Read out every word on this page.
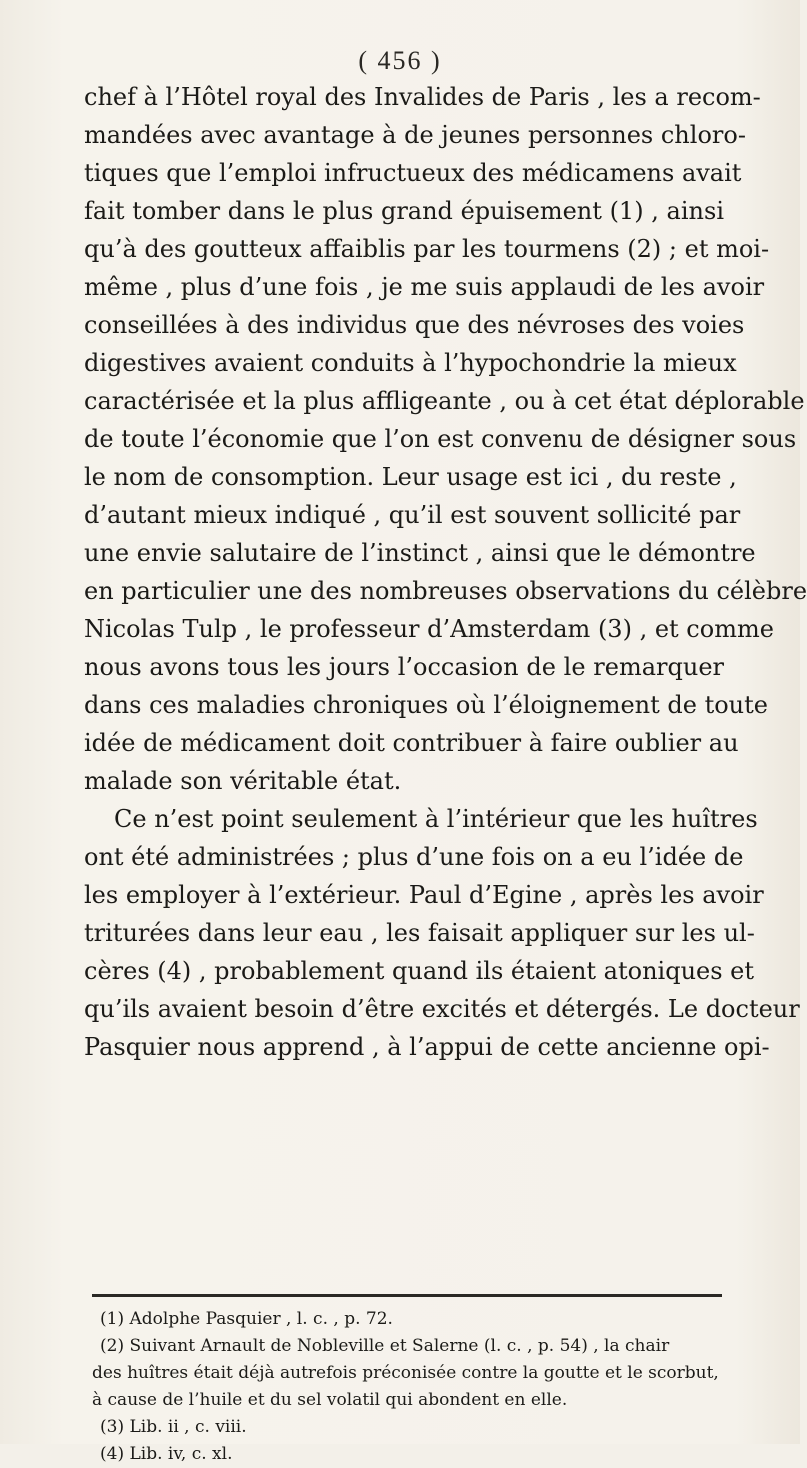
( 456 )
chef à l’Hôtel royal des Invalides de Paris , les a recom-
mandées avec avantage à de jeunes personnes chloro-
tiques que l’emploi infructueux des médicamens avait
fait tomber dans le plus grand épuisement (1) , ainsi
qu’à des goutteux affaiblis par les tourmens (2) ; et moi-
même , plus d’une fois , je me suis applaudi de les avoir
conseillées à des individus que des névroses des voies
digestives avaient conduits à l’hypochondrie la mieux
caractérisée et la plus affligeante , ou à cet état déplorable
de toute l’économie que l’on est convenu de désigner sous
le nom de consomption. Leur usage est ici , du reste ,
d’autant mieux indiqué , qu’il est souvent sollicité par
une envie salutaire de l’instinct , ainsi que le démontre
en particulier une des nombreuses observations du célèbre
Nicolas Tulp , le professeur d’Amsterdam (3) , et comme
nous avons tous les jours l’occasion de le remarquer
dans ces maladies chroniques où l’éloignement de toute
idée de médicament doit contribuer à faire oublier au
malade son véritable état.
Ce n’est point seulement à l’intérieur que les huîtres
ont été administrées ; plus d’une fois on a eu l’idée de
les employer à l’extérieur. Paul d’Egine , après les avoir
triturées dans leur eau , les faisait appliquer sur les ul-
cères (4) , probablement quand ils étaient atoniques et
qu’ils avaient besoin d’être excités et détergés. Le docteur
Pasquier nous apprend , à l’appui de cette ancienne opi-
(1) Adolphe Pasquier , l. c. , p. 72.
(2) Suivant Arnault de Nobleville et Salerne (l. c. , p. 54) , la chair
des huîtres était déjà autrefois préconisée contre la goutte et le scorbut,
à cause de l’huile et du sel volatil qui abondent en elle.
(3) Lib. ii , c. viii.
(4) Lib. iv, c. xl.
